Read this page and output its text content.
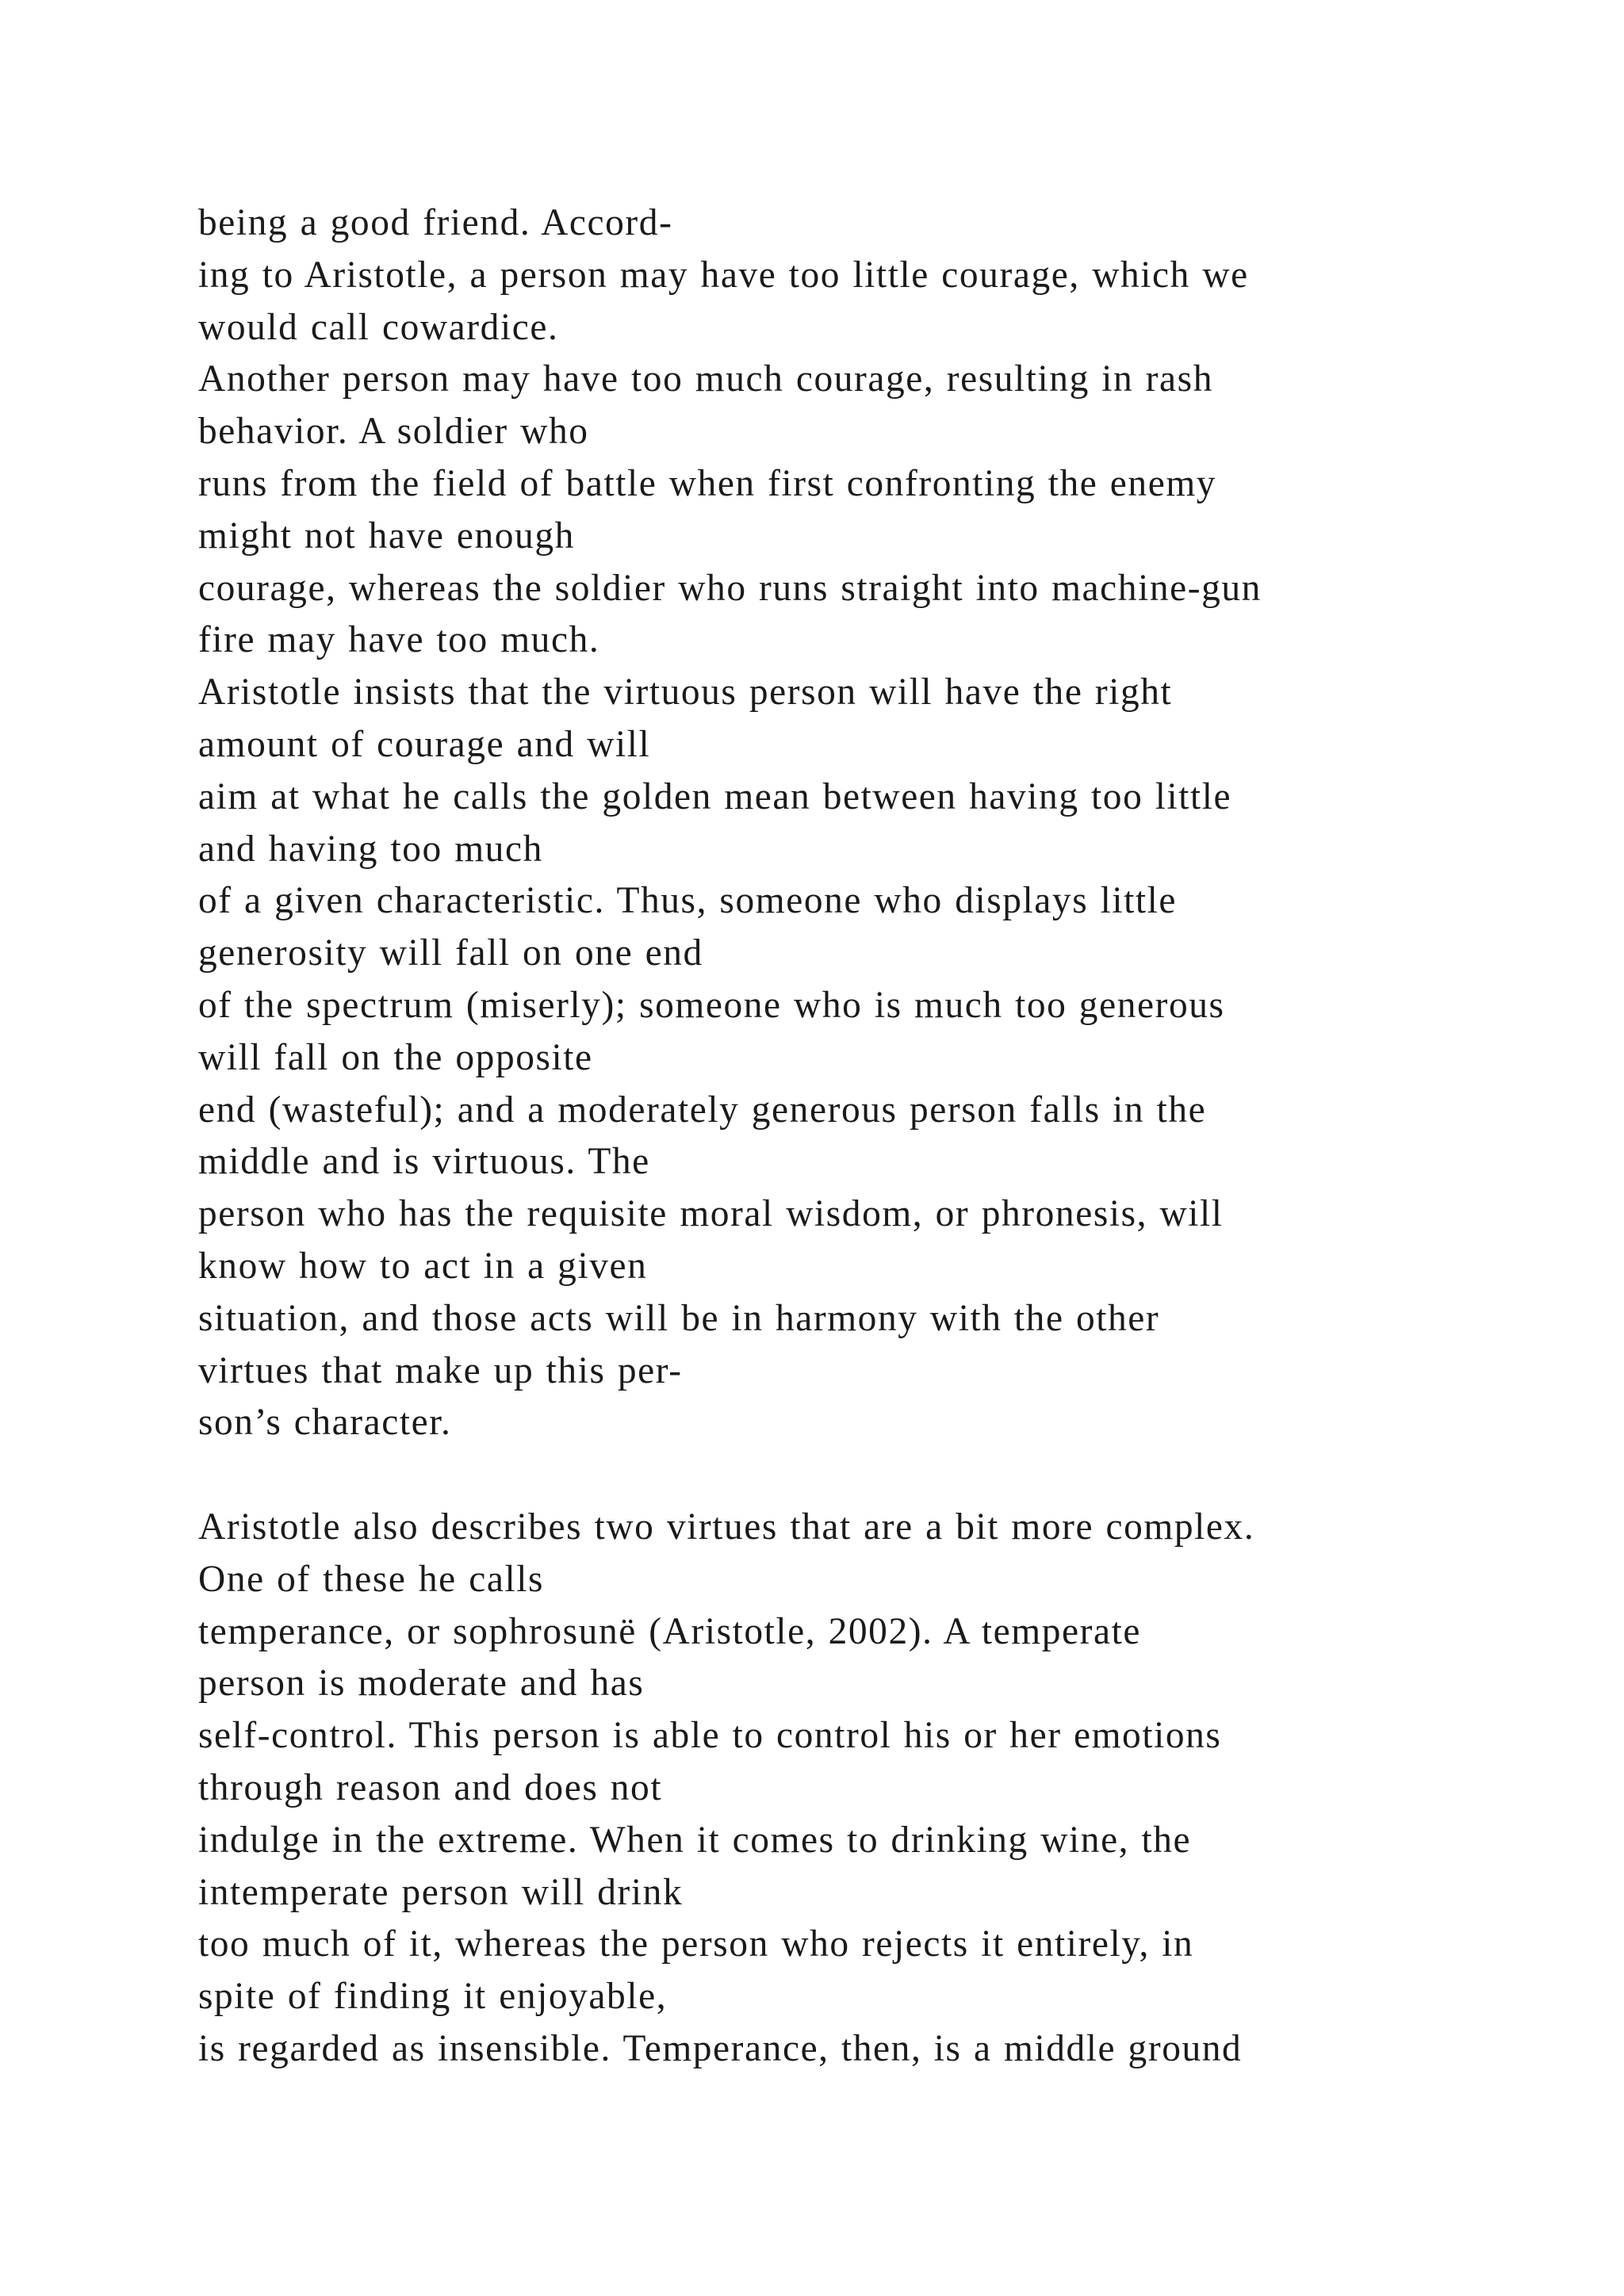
being a good friend. Accord-
ing to Aristotle, a person may have too little courage, which we
would call cowardice.
Another person may have too much courage, resulting in rash
behavior. A soldier who
runs from the field of battle when first confronting the enemy
might not have enough
courage, whereas the soldier who runs straight into machine-gun
fire may have too much.
Aristotle insists that the virtuous person will have the right
amount of courage and will
aim at what he calls the golden mean between having too little
and having too much
of a given characteristic. Thus, someone who displays little
generosity will fall on one end
of the spectrum (miserly); someone who is much too generous
will fall on the opposite
end (wasteful); and a moderately generous person falls in the
middle and is virtuous. The
person who has the requisite moral wisdom, or phronesis, will
know how to act in a given
situation, and those acts will be in harmony with the other
virtues that make up this per-
son’s character.
Aristotle also describes two virtues that are a bit more complex.
One of these he calls
temperance, or sophrosunë (Aristotle, 2002). A temperate
person is moderate and has
self-control. This person is able to control his or her emotions
through reason and does not
indulge in the extreme. When it comes to drinking wine, the
intemperate person will drink
too much of it, whereas the person who rejects it entirely, in
spite of finding it enjoyable,
is regarded as insensible. Temperance, then, is a middle ground
